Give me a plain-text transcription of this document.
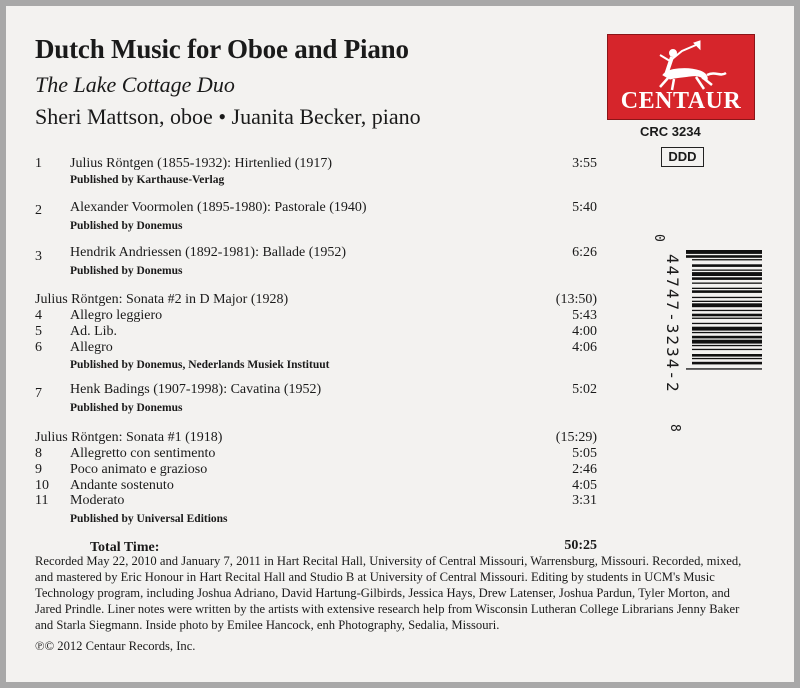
Dutch Music for Oboe and Piano
The Lake Cottage Duo
Sheri Mattson, oboe • Juanita Becker, piano
CENTAUR
CRC 3234
DDD
1 Julius Röntgen (1855-1932): Hirtenlied (1917)	3:55
Published by Karthause-Verlag
2 Alexander Voormolen (1895-1980): Pastorale (1940)	5:40
Published by Donemus
3 Hendrik Andriessen (1892-1981): Ballade (1952)	6:26
Published by Donemus
Julius Röntgen: Sonata #2 in D Major (1928)	(13:50)
4 Allegro leggiero	5:43
5 Ad. Lib.	4:00
6 Allegro	4:06
Published by Donemus, Nederlands Musiek Instituut
7 Henk Badings (1907-1998): Cavatina (1952)	5:02
Published by Donemus
Julius Röntgen: Sonata #1 (1918)	(15:29)
8 Allegretto con sentimento	5:05
9 Poco animato e grazioso	2:46
10 Andante sostenuto	4:05
11 Moderato	3:31
Published by Universal Editions
Total Time:	50:25
Recorded May 22, 2010 and January 7, 2011 in Hart Recital Hall, University of Central Missouri, Warrensburg, Missouri. Recorded, mixed, and mastered by Eric Honour in Hart Recital Hall and Studio B at University of Central Missouri. Editing by students in UCM's Music Technology program, including Joshua Adriano, David Hartung-Gilbirds, Jessica Hays, Drew Latenser, Joshua Pardun, Tyler Morton, and Jared Prindle. Liner notes were written by the artists with extensive research help from Wisconsin Lutheran College Librarians Jenny Baker and Starla Siegmann. Inside photo by Emilee Hancock, enh Photography, Sedalia, Missouri.
℗© 2012 Centaur Records, Inc.
0
44747-3234-2
8
